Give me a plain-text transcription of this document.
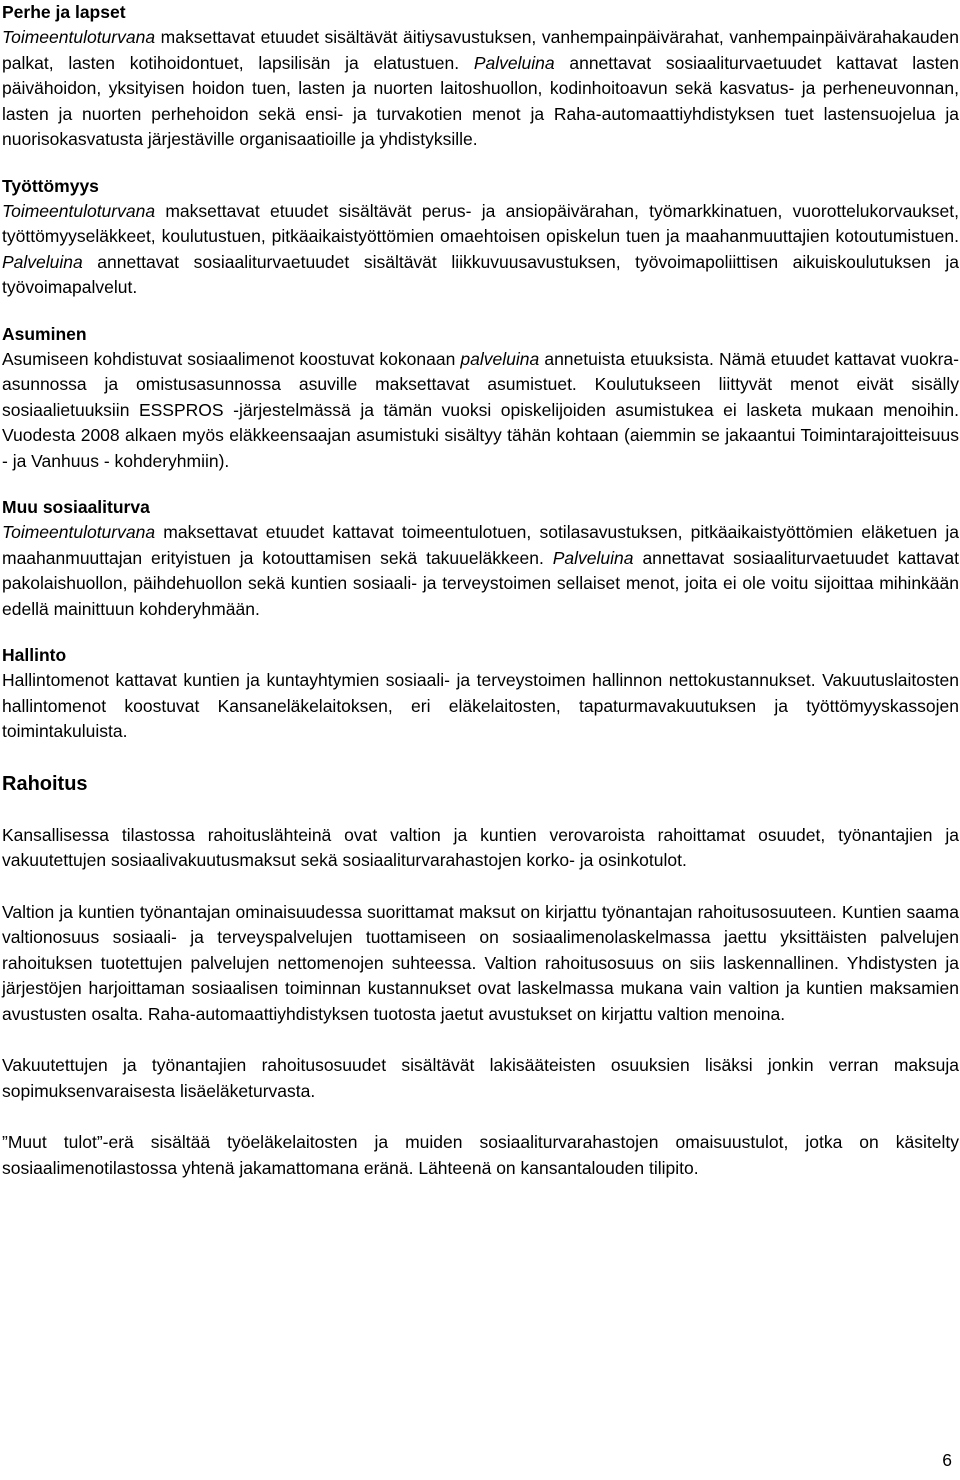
Perhe ja lapset

Toimeentuloturvana maksettavat etuudet sisältävät äitiysavustuksen, vanhempainpäivärahat, vanhempainpäivärahakauden palkat, lasten kotihoidontuet, lapsilisän ja elatustuen. Palveluina annettavat sosiaaliturvaetuudet kattavat lasten päivähoidon, yksityisen hoidon tuen, lasten ja nuorten laitoshuollon, kodinhoitoavun sekä kasvatus- ja perheneuvonnan, lasten ja nuorten perhehoidon sekä ensi- ja turvakotien menot ja Raha-automaattiyhdistyksen tuet lastensuojelua ja nuorisokasvatusta järjestäville organisaatioille ja yhdistyksille.

Työttömyys

Toimeentuloturvana maksettavat etuudet sisältävät perus- ja ansiopäivärahan, työmarkkinatuen, vuorottelukorvaukset, työttömyyseläkkeet, koulutustuen, pitkäaikaistyöttömien omaehtoisen opiskelun tuen ja maahanmuuttajien kotoutumistuen. Palveluina annettavat sosiaaliturvaetuudet sisältävät liikkuvuusavustuksen, työvoimapoliittisen aikuiskoulutuksen ja työvoimapalvelut.

Asuminen

Asumiseen kohdistuvat sosiaalimenot koostuvat kokonaan palveluina annetuista etuuksista. Nämä etuudet kattavat vuokra-asunnossa ja omistusasunnossa asuville maksettavat asumistuet. Koulutukseen liittyvät menot eivät sisälly sosiaalietuuksiin ESSPROS -järjestelmässä ja tämän vuoksi opiskelijoiden asumistukea ei lasketa mukaan menoihin. Vuodesta 2008 alkaen myös eläkkeensaajan asumistuki sisältyy tähän kohtaan (aiemmin se jakaantui Toimintarajoitteisuus - ja Vanhuus - kohderyhmiin).

Muu sosiaaliturva

Toimeentuloturvana maksettavat etuudet kattavat toimeentulotuen, sotilasavustuksen, pitkäaikaistyöttömien eläketuen ja maahanmuuttajan erityistuen ja kotouttamisen sekä takuueläkkeen. Palveluina annettavat sosiaaliturvaetuudet kattavat pakolaishuollon, päihdehuollon sekä kuntien sosiaali- ja terveystoimen sellaiset menot, joita ei ole voitu sijoittaa mihinkään edellä mainittuun kohderyhmään.

Hallinto

Hallintomenot kattavat kuntien ja kuntayhtymien sosiaali- ja terveystoimen hallinnon nettokustannukset. Vakuutuslaitosten hallintomenot koostuvat Kansaneläkelaitoksen, eri eläkelaitosten, tapaturmavakuutuksen ja työttömyyskassojen toimintakuluista.

Rahoitus

Kansallisessa tilastossa rahoituslähteinä ovat valtion ja kuntien verovaroista rahoittamat osuudet, työnantajien ja vakuutettujen sosiaalivakuutusmaksut sekä sosiaaliturvarahastojen korko- ja osinkotulot.

Valtion ja kuntien työnantajan ominaisuudessa suorittamat maksut on kirjattu työnantajan rahoitusosuuteen. Kuntien saama valtionosuus sosiaali- ja terveyspalvelujen tuottamiseen on sosiaalimenolaskelmassa jaettu yksittäisten palvelujen rahoituksen tuotettujen palvelujen nettomenojen suhteessa. Valtion rahoitusosuus on siis laskennallinen. Yhdistysten ja järjestöjen harjoittaman sosiaalisen toiminnan kustannukset ovat laskelmassa mukana vain valtion ja kuntien maksamien avustusten osalta. Raha-automaattiyhdistyksen tuotosta jaetut avustukset on kirjattu valtion menoina.

Vakuutettujen ja työnantajien rahoitusosuudet sisältävät lakisääteisten osuuksien lisäksi jonkin verran maksuja sopimuksenvaraisesta lisäeläketurvasta.

”Muut tulot”-erä sisältää työeläkelaitosten ja muiden sosiaaliturvarahastojen omaisuustulot, jotka on käsitelty sosiaalimenotilastossa yhtenä jakamattomana eränä. Lähteenä on kansantalouden tilipito.

6
